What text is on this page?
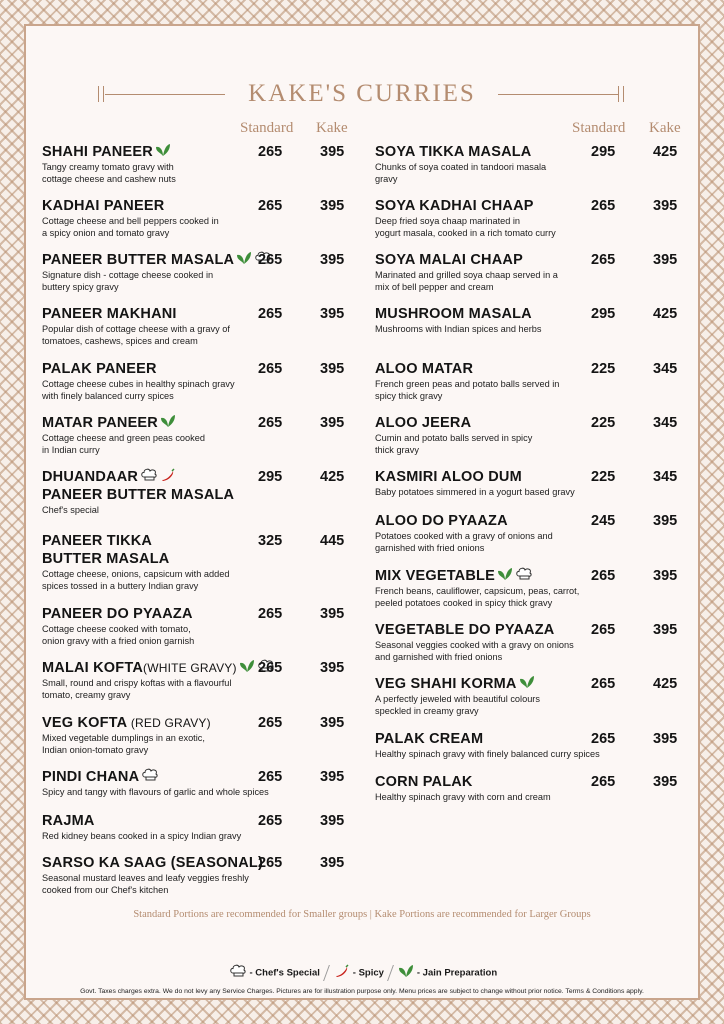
KAKE'S CURRIES
Standard Kake	Standard Kake
SHAHI PANEER
Tangy creamy tomato gravy with
cottage cheese and cashew nuts
265	395
KADHAI PANEER
Cottage cheese and bell peppers cooked in
a spicy onion and tomato gravy
265	395
PANEER BUTTER MASALA
Signature dish - cottage cheese cooked in
buttery spicy gravy
265	395
PANEER MAKHANI
Popular dish of cottage cheese with a gravy of
tomatoes, cashews, spices and cream
265	395
PALAK PANEER
Cottage cheese cubes in healthy spinach gravy
with finely balanced curry spices
265	395
MATAR PANEER
Cottage cheese and green peas cooked
in Indian curry
265	395
DHUANDAAR
PANEER BUTTER MASALA
Chef's special
295	425
PANEER TIKKA
BUTTER MASALA
Cottage cheese, onions, capsicum with added
spices tossed in a buttery Indian gravy
325	445
PANEER DO PYAAZA
Cottage cheese cooked with tomato,
onion gravy with a fried onion garnish
265	395
MALAI KOFTA(WHITE GRAVY)
Small, round and crispy koftas with a flavourful
tomato, creamy gravy
265	395
VEG KOFTA (RED GRAVY)
Mixed vegetable dumplings in an exotic,
Indian onion-tomato gravy
265	395
PINDI CHANA
Spicy and tangy with flavours of garlic and whole spices
265	395
RAJMA
Red kidney beans cooked in a spicy Indian gravy
265	395
SARSO KA SAAG (SEASONAL)
Seasonal mustard leaves and leafy veggies freshly
cooked from our Chef's kitchen
265	395
SOYA TIKKA MASALA
Chunks of soya coated in tandoori masala
gravy
295	425
SOYA KADHAI CHAAP
Deep fried soya chaap marinated in
yogurt masala, cooked in a rich tomato curry
265	395
SOYA MALAI CHAAP
Marinated and grilled soya chaap served in a
mix of bell pepper and cream
265	395
MUSHROOM MASALA
Mushrooms with Indian spices and herbs
295	425
ALOO MATAR
French green peas and potato balls served in
spicy thick gravy
225	345
ALOO JEERA
Cumin and potato balls served in spicy
thick gravy
225	345
KASMIRI ALOO DUM
Baby potatoes simmered in a yogurt based gravy
225	345
ALOO DO PYAAZA
Potatoes cooked with a gravy of onions and
garnished with fried onions
245	395
MIX VEGETABLE
French beans, cauliflower, capsicum, peas, carrot,
peeled potatoes cooked in spicy thick gravy
265	395
VEGETABLE DO PYAAZA
Seasonal veggies cooked with a gravy on onions
and garnished with fried onions
265	395
VEG SHAHI KORMA
A perfectly jeweled with beautiful colours
speckled in creamy gravy
265	425
PALAK CREAM
Healthy spinach gravy with finely balanced curry spices
265	395
CORN PALAK
Healthy spinach gravy with corn and cream
265	395
Standard Portions are recommended for Smaller groups | Kake Portions are recommended for Larger Groups
- Chef's Special	- Spicy	- Jain Preparation
Govt. Taxes charges extra. We do not levy any Service Charges. Pictures are for illustration purpose only. Menu prices are subject to change without prior notice. Terms & Conditions apply.
